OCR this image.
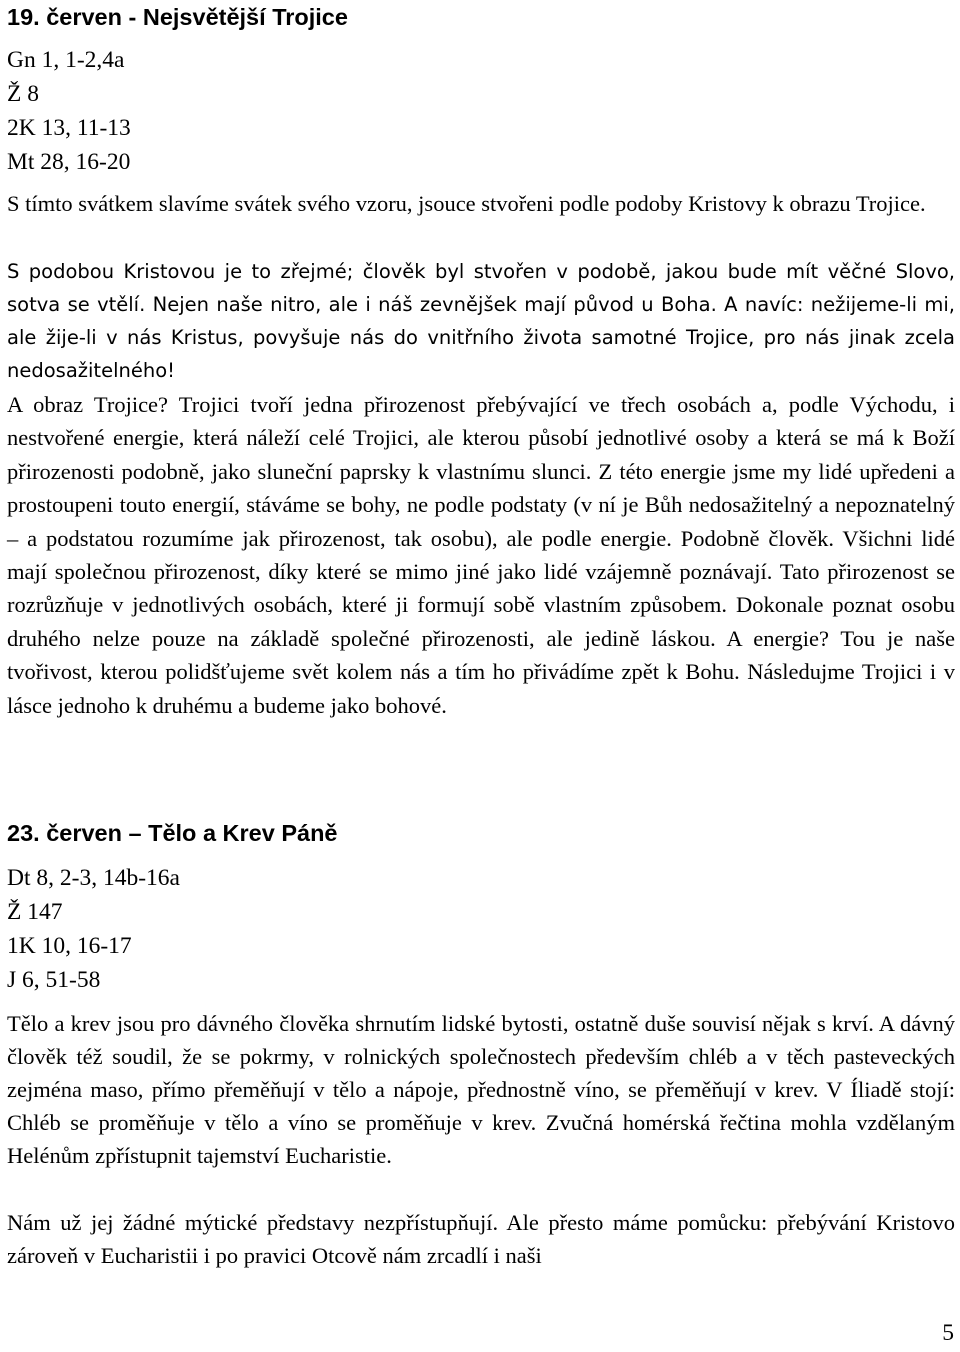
19. červen - Nejsvětější Trojice
Gn 1, 1-2,4a
Ž 8
2K 13, 11-13
Mt 28, 16-20

S tímto svátkem slavíme svátek svého vzoru, jsouce stvořeni podle podoby Kristovy k obrazu Trojice.

S podobou Kristovou je to zřejmé; člověk byl stvořen v podobě, jakou bude mít věčné Slovo, sotva se vtělí. Nejen naše nitro, ale i náš zevnějšek mají původ u Boha. A navíc: nežijeme-li mi, ale žije-li v nás Kristus, povyšuje nás do vnitřního života samotné Trojice, pro nás jinak zcela nedosažitelného!

A obraz Trojice? Trojici tvoří jedna přirozenost přebývající ve třech osobách a, podle Východu, i nestvořené energie, která náleží celé Trojici, ale kterou působí jednotlivé osoby a která se má k Boží přirozenosti podobně, jako sluneční paprsky k vlastnímu slunci. Z této energie jsme my lidé upředeni a prostoupeni touto energií, stáváme se bohy, ne podle podstaty (v ní je Bůh nedosažitelný a nepoznatelný – a podstatou rozumíme jak přirozenost, tak osobu), ale podle energie. Podobně člověk. Všichni lidé mají společnou přirozenost, díky které se mimo jiné jako lidé vzájemně poznávají. Tato přirozenost se rozrůzňuje v jednotlivých osobách, které ji formují sobě vlastním způsobem. Dokonale poznat osobu druhého nelze pouze na základě společné přirozenosti, ale jedině láskou. A energie? Tou je naše tvořivost, kterou polidšťujeme svět kolem nás a tím ho přivádíme zpět k Bohu. Následujme Trojici i v lásce jednoho k druhému a budeme jako bohové.

23. červen – Tělo a Krev Páně
Dt 8, 2-3, 14b-16a
Ž 147
1K 10, 16-17
J 6, 51-58

Tělo a krev jsou pro dávného člověka shrnutím lidské bytosti, ostatně duše souvisí nějak s krví. A dávný člověk též soudil, že se pokrmy, v rolnických společnostech především chléb a v těch pasteveckých zejména maso, přímo přeměňují v tělo a nápoje, přednostně víno, se přeměňují v krev. V Íliadě stojí: Chléb se proměňuje v tělo a víno se proměňuje v krev. Zvučná homérská řečtina mohla vzdělaným Helénům zpřístupnit tajemství Eucharistie.

Nám už jej žádné mýtické představy nezpřístupňují. Ale přesto máme pomůcku: přebývání Kristovo zároveň v Eucharistii i po pravici Otcově nám zrcadlí i naši

5
